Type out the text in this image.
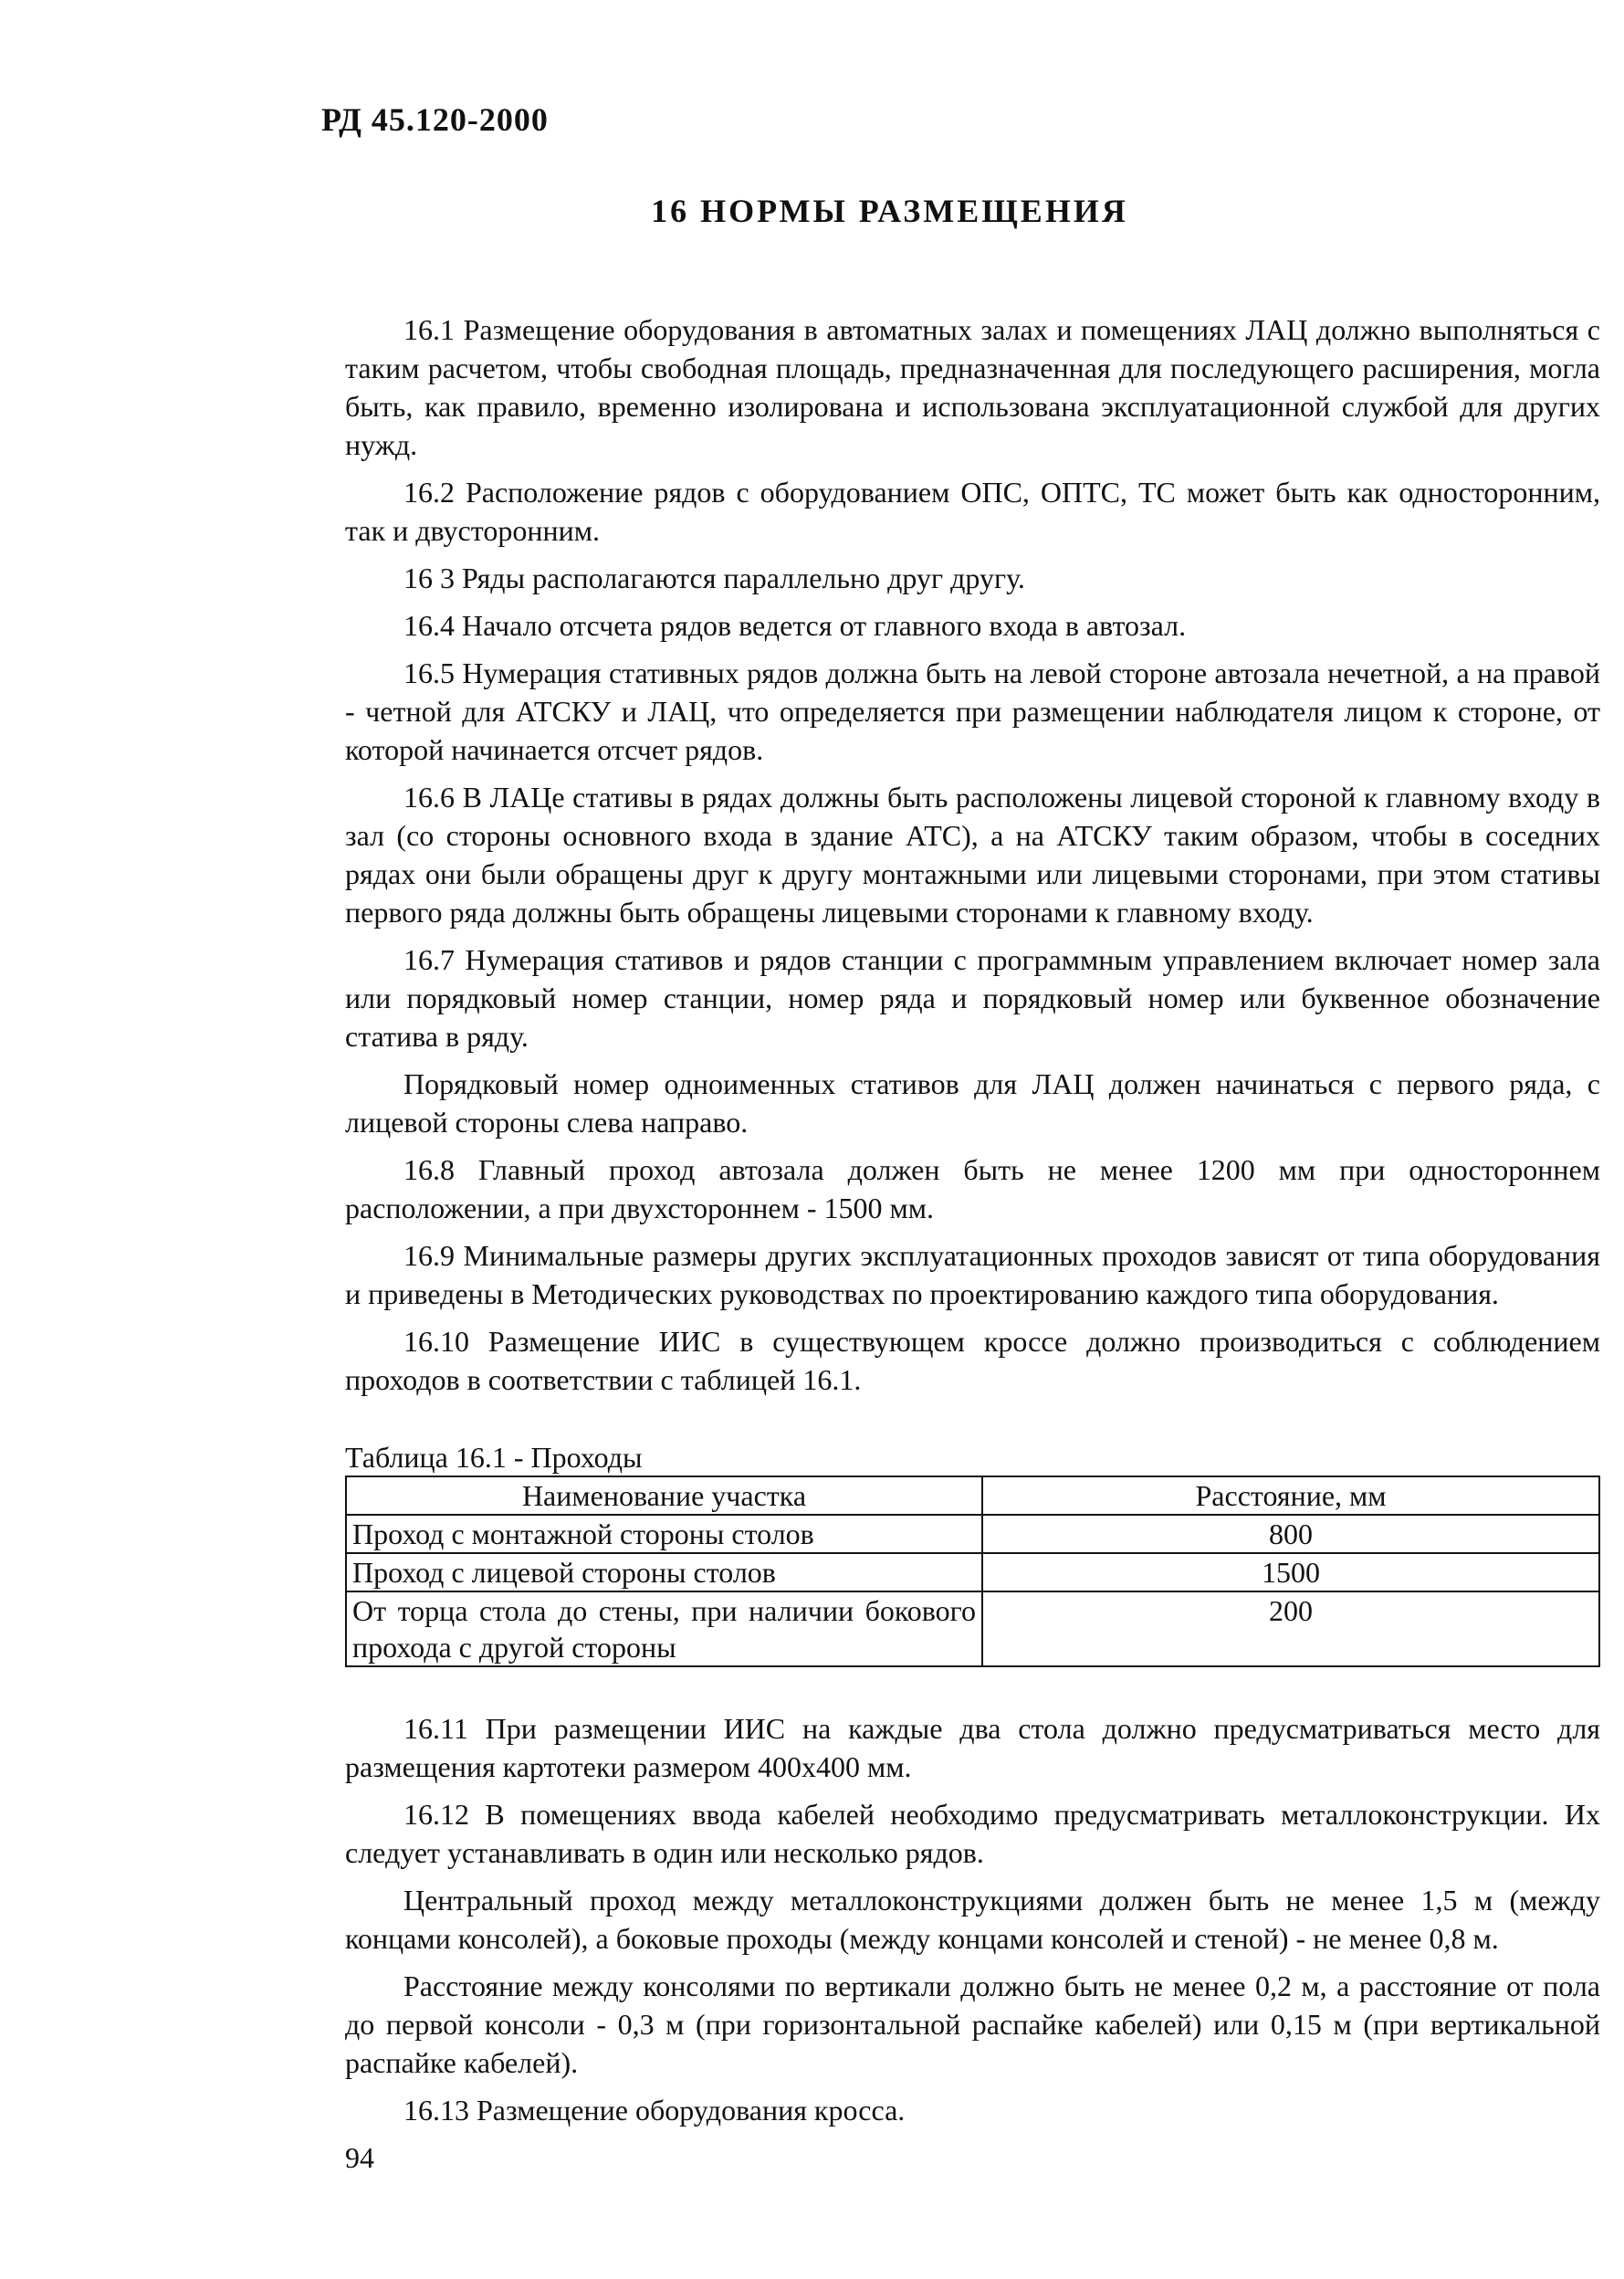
РД 45.120-2000
16 НОРМЫ РАЗМЕЩЕНИЯ

16.1 Размещение оборудования в автоматных залах и помещениях ЛАЦ должно выполняться с таким расчетом, чтобы свободная площадь, предназначенная для последующего расширения, могла быть, как правило, временно изолирована и использована эксплуатационной службой для других нужд.

16.2 Расположение рядов с оборудованием ОПС, ОПТС, ТС может быть как односторонним, так и двусторонним.

16 3 Ряды располагаются параллельно друг другу.

16.4 Начало отсчета рядов ведется от главного входа в автозал.

16.5 Нумерация стативных рядов должна быть на левой стороне автозала нечетной, а на правой - четной для АТСКУ и ЛАЦ, что определяется при размещении наблюдателя лицом к стороне, от которой начинается отсчет рядов.

16.6 В ЛАЦе стативы в рядах должны быть расположены лицевой стороной к главному входу в зал (со стороны основного входа в здание АТС), а на АТСКУ таким образом, чтобы в соседних рядах они были обращены друг к другу монтажными или лицевыми сторонами, при этом стативы первого ряда должны быть обращены лицевыми сторонами к главному входу.

16.7 Нумерация стативов и рядов станции с программным управлением включает номер зала или порядковый номер станции, номер ряда и порядковый номер или буквенное обозначение статива в ряду.

Порядковый номер одноименных стативов для ЛАЦ должен начинаться с первого ряда, с лицевой стороны слева направо.

16.8 Главный проход автозала должен быть не менее 1200 мм при одностороннем расположении, а при двухстороннем - 1500 мм.

16.9 Минимальные размеры других эксплуатационных проходов зависят от типа оборудования и приведены в Методических руководствах по проектированию каждого типа оборудования.

16.10 Размещение ИИС в существующем кроссе должно производиться с соблюдением проходов в соответствии с таблицей 16.1.

Таблица 16.1 - Проходы
Наименование участка	Расстояние, мм
Проход с монтажной стороны столов	800
Проход с лицевой стороны столов	1500
От торца стола до стены, при наличии бокового прохода с другой стороны	200

16.11 При размещении ИИС на каждые два стола должно предусматриваться место для размещения картотеки размером 400х400 мм.

16.12 В помещениях ввода кабелей необходимо предусматривать металлоконструкции. Их следует устанавливать в один или несколько рядов.

Центральный проход между металлоконструкциями должен быть не менее 1,5 м (между концами консолей), а боковые проходы (между концами консолей и стеной) - не менее 0,8 м.

Расстояние между консолями по вертикали должно быть не менее 0,2 м, а расстояние от пола до первой консоли - 0,3 м (при горизонтальной распайке кабелей) или 0,15 м (при вертикальной распайке кабелей).

16.13 Размещение оборудования кросса.

94
